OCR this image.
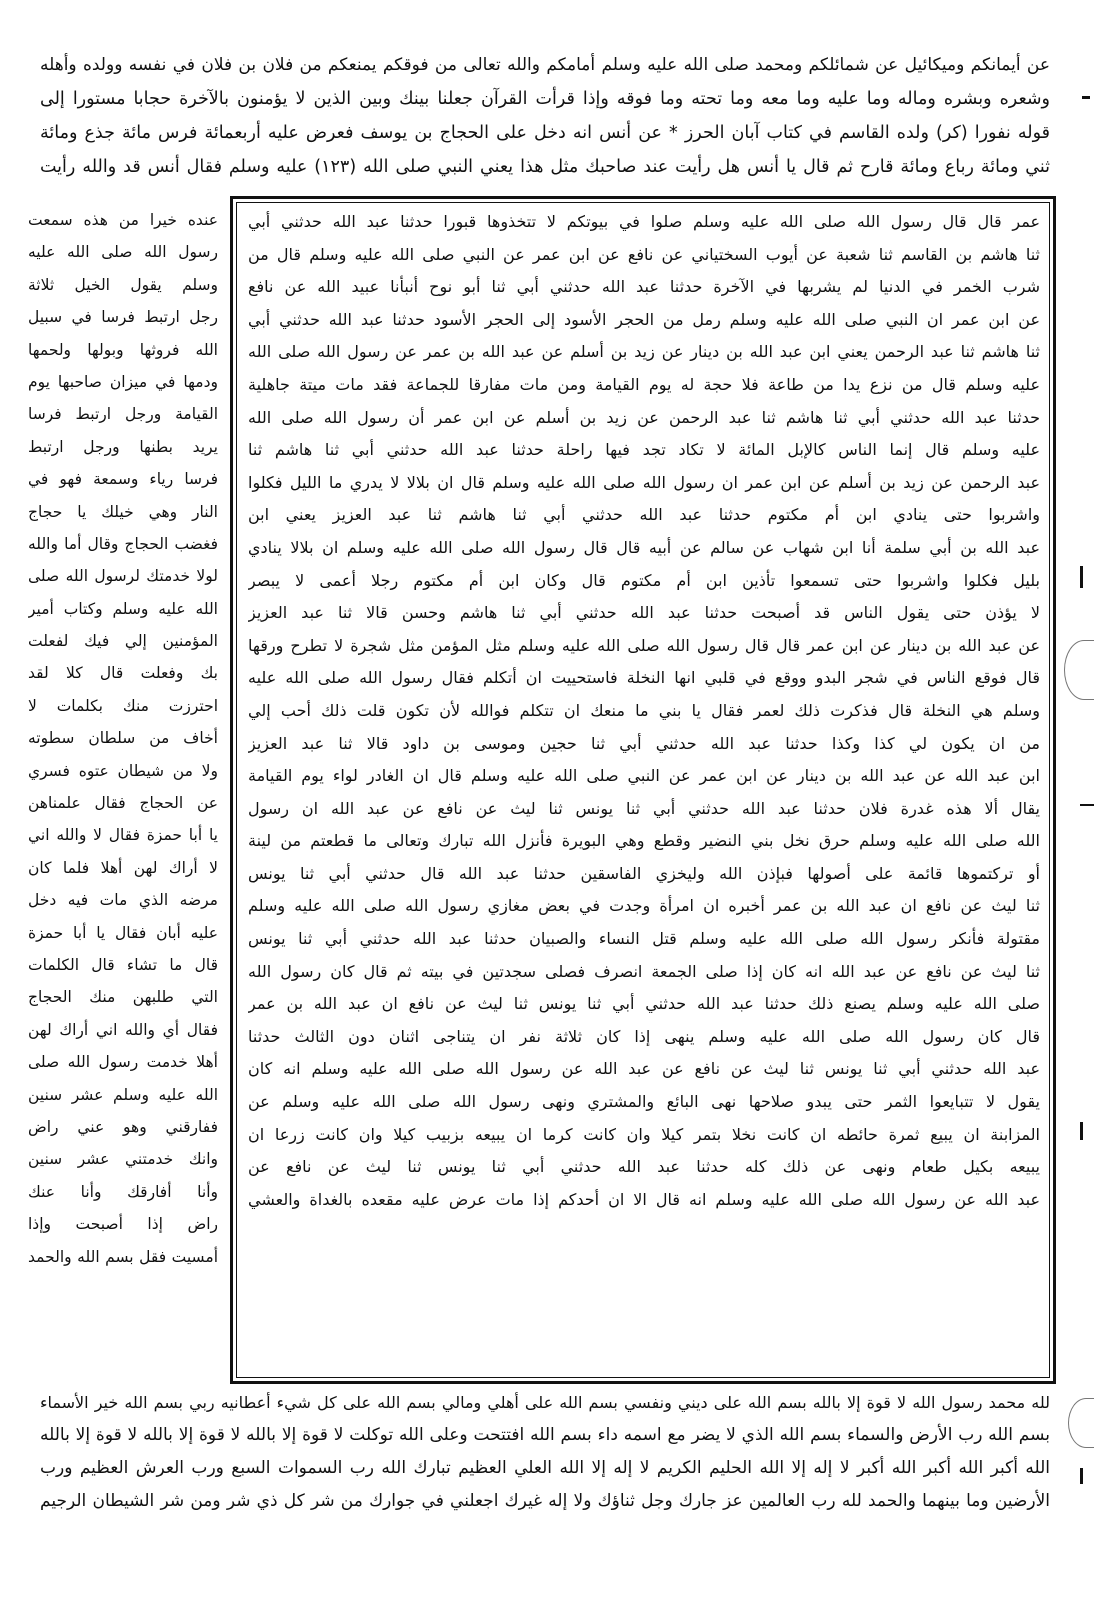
عن أيمانكم وميكائيل عن شمائلكم ومحمد صلى الله عليه وسلم أمامكم والله تعالى من فوقكم يمنعكم من فلان بن فلان في نفسه وولده وأهله
وشعره وبشره وماله وما عليه وما معه وما تحته وما فوقه وإذا قرأت القرآن جعلنا بينك وبين الذين لا يؤمنون بالآخرة حجابا مستورا إلى
قوله نفورا (كر) ولده القاسم في كتاب آبان الحرز * عن أنس انه دخل على الحجاج بن يوسف فعرض عليه أربعمائة فرس مائة جذع ومائة
ثني ومائة رباع ومائة قارح ثم قال يا أنس هل رأيت عند صاحبك مثل هذا يعني النبي صلى الله (١٢٣) عليه وسلم فقال أنس قد والله رأيت
عمر قال قال رسول الله صلى الله عليه وسلم صلوا في بيوتكم لا تتخذوها قبورا حدثنا عبد الله حدثني أبي
ثنا هاشم بن القاسم ثنا شعبة عن أيوب السختياني عن نافع عن ابن عمر عن النبي صلى الله عليه وسلم قال من
شرب الخمر في الدنيا لم يشربها في الآخرة حدثنا عبد الله حدثني أبي ثنا أبو نوح أنبأنا عبيد الله عن نافع
عن ابن عمر ان النبي صلى الله عليه وسلم رمل من الحجر الأسود إلى الحجر الأسود حدثنا عبد الله حدثني أبي
ثنا هاشم ثنا عبد الرحمن يعني ابن عبد الله بن دينار عن زيد بن أسلم عن عبد الله بن عمر عن رسول الله صلى الله
عليه وسلم قال من نزع يدا من طاعة فلا حجة له يوم القيامة ومن مات مفارقا للجماعة فقد مات ميتة جاهلية
حدثنا عبد الله حدثني أبي ثنا هاشم ثنا عبد الرحمن عن زيد بن أسلم عن ابن عمر أن رسول الله صلى الله
عليه وسلم قال إنما الناس كالإبل المائة لا تكاد تجد فيها راحلة حدثنا عبد الله حدثني أبي ثنا هاشم ثنا
عبد الرحمن عن زيد بن أسلم عن ابن عمر ان رسول الله صلى الله عليه وسلم قال ان بلالا لا يدري ما الليل فكلوا
واشربوا حتى ينادي ابن أم مكتوم حدثنا عبد الله حدثني أبي ثنا هاشم ثنا عبد العزيز يعني ابن
عبد الله بن أبي سلمة أنا ابن شهاب عن سالم عن أبيه قال قال رسول الله صلى الله عليه وسلم ان بلالا ينادي
بليل فكلوا واشربوا حتى تسمعوا تأذين ابن أم مكتوم قال وكان ابن أم مكتوم رجلا أعمى لا يبصر
لا يؤذن حتى يقول الناس قد أصبحت حدثنا عبد الله حدثني أبي ثنا هاشم وحسن قالا ثنا عبد العزيز
عن عبد الله بن دينار عن ابن عمر قال قال رسول الله صلى الله عليه وسلم مثل المؤمن مثل شجرة لا تطرح ورقها
قال فوقع الناس في شجر البدو ووقع في قلبي انها النخلة فاستحييت ان أتكلم فقال رسول الله صلى الله عليه
وسلم هي النخلة قال فذكرت ذلك لعمر فقال يا بني ما منعك ان تتكلم فوالله لأن تكون قلت ذلك أحب إلي
من ان يكون لي كذا وكذا حدثنا عبد الله حدثني أبي ثنا حجين وموسى بن داود قالا ثنا عبد العزيز
ابن عبد الله عن عبد الله بن دينار عن ابن عمر عن النبي صلى الله عليه وسلم قال ان الغادر لواء يوم القيامة
يقال ألا هذه غدرة فلان حدثنا عبد الله حدثني أبي ثنا يونس ثنا ليث عن نافع عن عبد الله ان رسول
الله صلى الله عليه وسلم حرق نخل بني النضير وقطع وهي البويرة فأنزل الله تبارك وتعالى ما قطعتم من لينة
أو تركتموها قائمة على أصولها فبإذن الله وليخزي الفاسقين حدثنا عبد الله قال حدثني أبي ثنا يونس
ثنا ليث عن نافع ان عبد الله بن عمر أخبره ان امرأة وجدت في بعض مغازي رسول الله صلى الله عليه وسلم
مقتولة فأنكر رسول الله صلى الله عليه وسلم قتل النساء والصبيان حدثنا عبد الله حدثني أبي ثنا يونس
ثنا ليث عن نافع عن عبد الله انه كان إذا صلى الجمعة انصرف فصلى سجدتين في بيته ثم قال كان رسول الله
صلى الله عليه وسلم يصنع ذلك حدثنا عبد الله حدثني أبي ثنا يونس ثنا ليث عن نافع ان عبد الله بن عمر
قال كان رسول الله صلى الله عليه وسلم ينهى إذا كان ثلاثة نفر ان يتناجى اثنان دون الثالث حدثنا
عبد الله حدثني أبي ثنا يونس ثنا ليث عن نافع عن عبد الله عن رسول الله صلى الله عليه وسلم انه كان
يقول لا تتبايعوا الثمر حتى يبدو صلاحها نهى البائع والمشتري ونهى رسول الله صلى الله عليه وسلم عن
المزابنة ان يبيع ثمرة حائطه ان كانت نخلا بتمر كيلا وان كانت كرما ان يبيعه بزبيب كيلا وان كانت زرعا ان
يبيعه بكيل طعام ونهى عن ذلك كله حدثنا عبد الله حدثني أبي ثنا يونس ثنا ليث عن نافع عن
عبد الله عن رسول الله صلى الله عليه وسلم انه قال الا ان أحدكم إذا مات عرض عليه مقعده بالغداة والعشي
عنده خيرا من هذه سمعت
رسول الله صلى الله عليه
وسلم يقول الخيل ثلاثة
رجل ارتبط فرسا في سبيل
الله فروثها وبولها ولحمها
ودمها في ميزان صاحبها يوم
القيامة ورجل ارتبط فرسا
يريد بطنها ورجل ارتبط
فرسا رياء وسمعة فهو في
النار وهي خيلك يا حجاج
فغضب الحجاج وقال أما والله
لولا خدمتك لرسول الله صلى
الله عليه وسلم وكتاب أمير
المؤمنين إلي فيك لفعلت
بك وفعلت قال كلا لقد
احترزت منك بكلمات لا
أخاف من سلطان سطوته
ولا من شيطان عتوه فسري
عن الحجاج فقال علمناهن
يا أبا حمزة فقال لا والله اني
لا أراك لهن أهلا فلما كان
مرضه الذي مات فيه دخل
عليه أبان فقال يا أبا حمزة
قال ما تشاء قال الكلمات
التي طلبهن منك الحجاج
فقال أي والله اني أراك لهن
أهلا خدمت رسول الله صلى
الله عليه وسلم عشر سنين
ففارقني وهو عني راض
وانك خدمتني عشر سنين
وأنا أفارقك وأنا عنك
راض إذا أصبحت وإذا
أمسيت فقل بسم الله والحمد
لله محمد رسول الله لا قوة إلا بالله بسم الله على ديني ونفسي بسم الله على أهلي ومالي بسم الله على كل شيء أعطانيه ربي بسم الله خير الأسماء
بسم الله رب الأرض والسماء بسم الله الذي لا يضر مع اسمه داء بسم الله افتتحت وعلى الله توكلت لا قوة إلا بالله لا قوة إلا بالله لا قوة إلا بالله
الله أكبر الله أكبر الله أكبر لا إله إلا الله الحليم الكريم لا إله إلا الله العلي العظيم تبارك الله رب السموات السبع ورب العرش العظيم ورب
الأرضين وما بينهما والحمد لله رب العالمين عز جارك وجل ثناؤك ولا إله غيرك اجعلني في جوارك من شر كل ذي شر ومن شر الشيطان الرجيم
